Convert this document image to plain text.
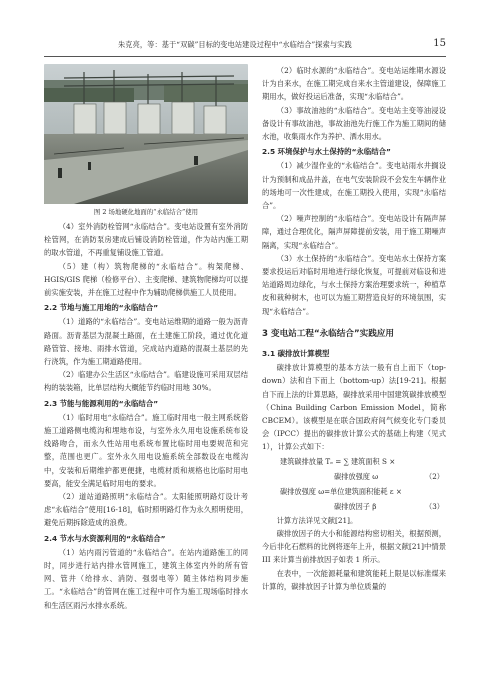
朱克亮，等：基于“双碳”目标的变电站建设过程中“水临结合”探索与实践	15

图 2 场地硬化地面的“永临结合”使用

（4）室外消防栓管网“永临结合”。变电站设置有室外消防栓管网，在消防泵房建成后铺设消防栓管道，作为站内施工期的取水管道，不再重复铺设施工管道。

（5）建（构）筑物爬梯的“永临结合”。构架爬梯、HGIS/GIS 爬梯（检修平台）、主变爬梯、建筑物爬梯均可以提前实施安装，并在施工过程中作为辅助爬梯供施工人员使用。

2.2 节地与施工用地的“永临结合”

（1）道路的“永临结合”。变电站运维期的道路一般为沥青路面。沥青基层为混凝土路面，在土建施工阶段，通过优化道路管管、接地、雨排水管道，完成站内道路的混凝土基层的先行浇筑，作为施工期道路使用。

（2）临建办公生活区“永临结合”。临建设施可采用双层结构的装装箱，比单层结构大概能节约临时用地 30%。

2.3 节能与能源利用的“永临结合”

（1）临时用电“永临结合”。施工临时用电一般主网系统俗施工道路侧电缆沟和埋地布设，与室外永久用电设施系统布设线路吻合，而永久性站用电系统布置比临时用电要规范和完整，范围也更广。室外永久用电设施系统全部数设在电缆沟中，安装和后期维护都更便捷，电缆材质和规格也比临时用电要高，能安全满足临时用电的要求。

（2）道站道路照明“永临结合”。太阳能照明路灯设计考虑“永临结合”使用[16-18]，临时照明路灯作为永久照明使用，避免后期拆除造成的浪费。

2.4 节水与水资源利用的“永临结合”

（1）站内雨污管道的“永临结合”。在站内道路施工的同时，同步进行站内排水管网施工，建筑主体室内外的所有管网、管井（给排水、消防、强弱电等）随主体结构同步施工。“永临结合”的管网在施工过程中可作为施工现场临时排水和生活区雨污水排水系统。

（2）临时水源的“永临结合”。变电站运维期水源设计为自来水，在施工期完成自来水主管道建设，保障施工期用水，做好投运后准备，实现“永临结合”。

（3）事故油池的“永临结合”。变电站主变等油浸设备设计有事故油池，事故油池先行施工作为施工期间的储水池，收集雨水作为养护、洒水用水。

2.5 环境保护与水土保持的“永临结合”

（1）减少湿作业的“永临结合”。变电站雨水井搁设计为预制和成品井盖，在电气安装阶段不会发生车辆作业的场地可一次性建成，在施工期投入使用，实现“永临结合”。

（2）噪声控制的“永临结合”。变电站设计有隔声屏障，通过合理优化，隔声屏障提前安装，用于施工期噪声隔离，实现“永临结合”。

（3）水土保持的“永临结合”。变电站水土保持方案要求投运后对临时用地进行绿化恢复，可提前对临设和进站道路周边绿化，与水土保持方案治理要求统一，种植草皮和栽种树木，也可以为施工期营造良好的环境氛围，实现“永临结合”。

3 变电站工程“永临结合”实践应用

3.1 碳排放计算模型

碳排放计算模型的基本方法一般有自上而下（top-down）法和自下而上（bottom-up）法[19-21]。根据自下而上法的计算思路，碳排放采用中国建筑碳排放模型（China Building Carbon Emission Model，简称 CBCEM）。该模型是在联合国政府间气候变化专门委员会（IPCC）提出的碳排放计算公式的基础上构建（见式 1），计算公式如下：

建筑碳排放量 Tₑ = ∑ 建筑面积 S ×
碳排放强度 ω	（2）
碳排放强度 ω=单位建筑面积能耗 ε ×
碳排放因子 β	（3）

计算方法详见文献[21]。

碳排放因子的大小和能源结构密切相关，根据预测，今后非化石燃料的比例将逐年上升，根据文献[21]中情景 III 来计算当前排放因子如表 1 所示。

在表中，一次能源耗量和建筑能耗上限是以标准煤来计算的，碳排放因子计算为单位质量的
